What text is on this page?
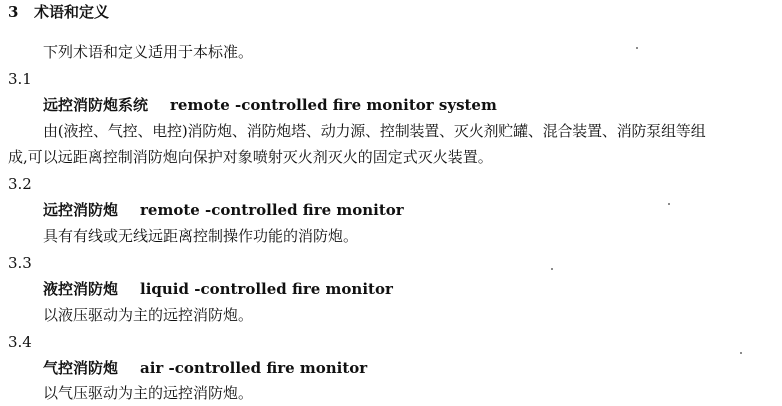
3 术语和定义
下列术语和定义适用于本标准。
3.1
远控消防炮系统 remote -controlled fire monitor system
由(液控、气控、电控)消防炮、消防炮塔、动力源、控制装置、灭火剂贮罐、混合装置、消防泵组等组
成,可以远距离控制消防炮向保护对象喷射灭火剂灭火的固定式灭火装置。
3.2
远控消防炮 remote -controlled fire monitor
具有有线或无线远距离控制操作功能的消防炮。
3.3
液控消防炮 liquid -controlled fire monitor
以液压驱动为主的远控消防炮。
3.4
气控消防炮 air -controlled fire monitor
以气压驱动为主的远控消防炮。
